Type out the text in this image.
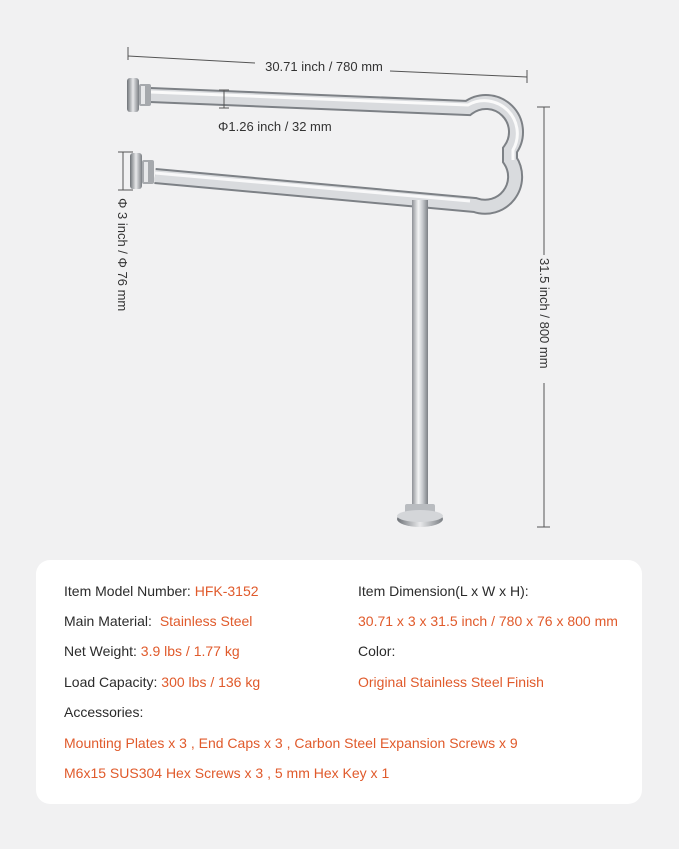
30.71 inch / 780 mm
Φ1.26 inch / 32 mm
Φ 3 inch / Φ 76 mm
31.5 inch / 800 mm
Item Model Number: HFK-3152	Item Dimension(L x W x H):
Main Material: Stainless Steel	30.71 x 3 x 31.5 inch / 780 x 76 x 800 mm
Net Weight: 3.9 lbs / 1.77 kg	Color:
Load Capacity: 300 lbs / 136 kg	Original Stainless Steel Finish
Accessories:
Mounting Plates x 3 , End Caps x 3 , Carbon Steel Expansion Screws x 9
M6x15 SUS304 Hex Screws x 3 , 5 mm Hex Key x 1
